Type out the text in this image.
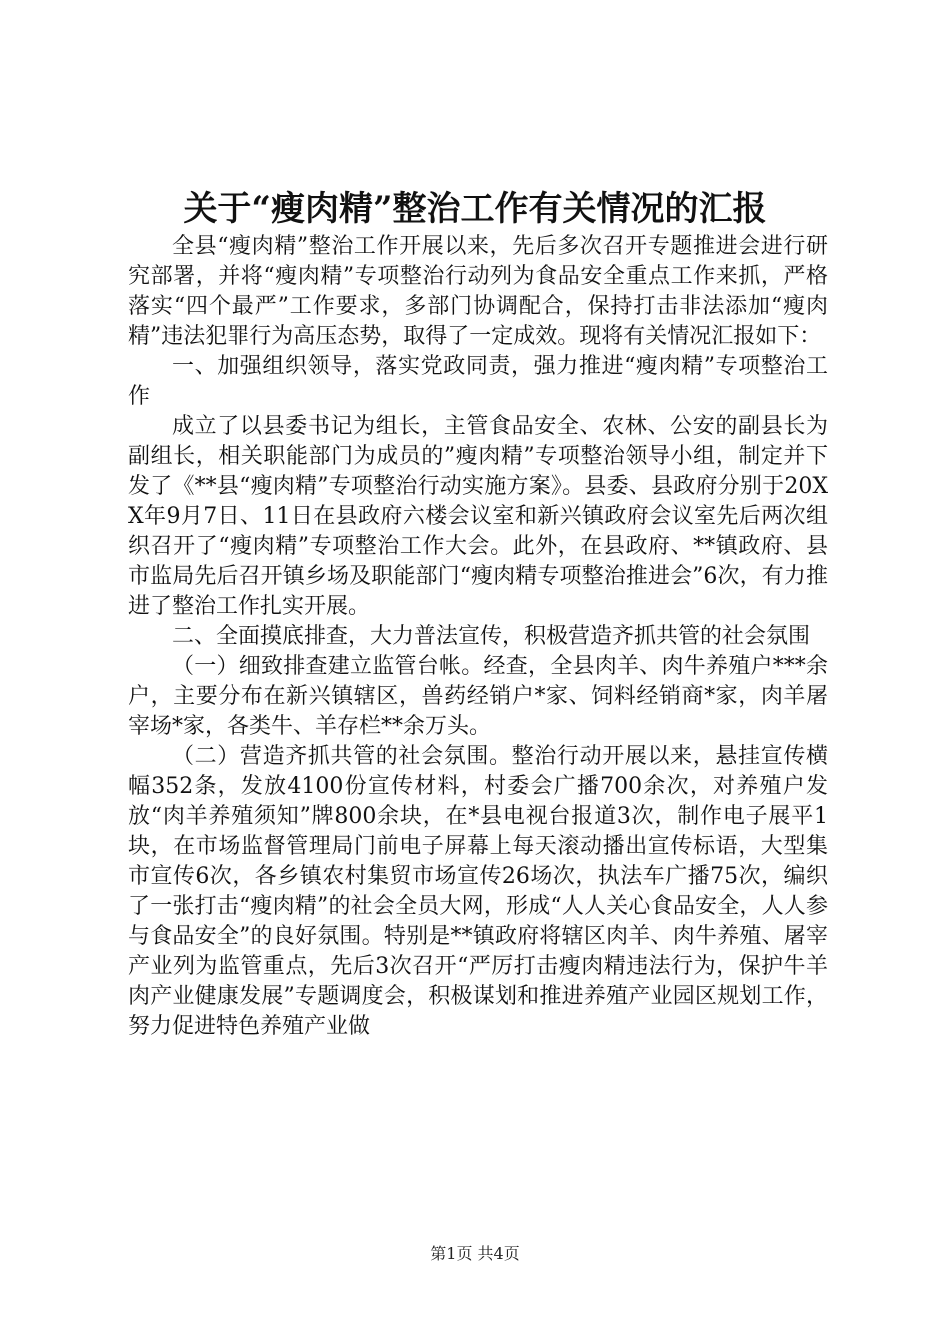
关于“瘦肉精”整治工作有关情况的汇报

全县“瘦肉精”整治工作开展以来，先后多次召开专题推进会进行研究部署，并将“瘦肉精”专项整治行动列为食品安全重点工作来抓，严格落实“四个最严”工作要求，多部门协调配合，保持打击非法添加“瘦肉精”违法犯罪行为高压态势，取得了一定成效。现将有关情况汇报如下：

一、加强组织领导，落实党政同责，强力推进“瘦肉精”专项整治工作

成立了以县委书记为组长，主管食品安全、农林、公安的副县长为副组长，相关职能部门为成员的”瘦肉精”专项整治领导小组，制定并下发了《**县“瘦肉精”专项整治行动实施方案》。县委、县政府分别于20XX年9月7日、11日在县政府六楼会议室和新兴镇政府会议室先后两次组织召开了“瘦肉精”专项整治工作大会。此外，在县政府、**镇政府、县市监局先后召开镇乡场及职能部门“瘦肉精专项整治推进会”6次，有力推进了整治工作扎实开展。

二、全面摸底排查，大力普法宣传，积极营造齐抓共管的社会氛围

（一）细致排查建立监管台帐。经查，全县肉羊、肉牛养殖户***余户，主要分布在新兴镇辖区，兽药经销户*家、饲料经销商*家，肉羊屠宰场*家，各类牛、羊存栏**余万头。

（二）营造齐抓共管的社会氛围。整治行动开展以来，悬挂宣传横幅352条，发放4100份宣传材料，村委会广播700余次，对养殖户发放“肉羊养殖须知”牌800余块，在*县电视台报道3次，制作电子展平1块，在市场监督管理局门前电子屏幕上每天滚动播出宣传标语，大型集市宣传6次，各乡镇农村集贸市场宣传26场次，执法车广播75次，编织了一张打击“瘦肉精”的社会全员大网，形成“人人关心食品安全，人人参与食品安全”的良好氛围。特别是**镇政府将辖区肉羊、肉牛养殖、屠宰产业列为监管重点，先后3次召开“严厉打击瘦肉精违法行为，保护牛羊肉产业健康发展”专题调度会，积极谋划和推进养殖产业园区规划工作，努力促进特色养殖产业做

第1页 共4页
